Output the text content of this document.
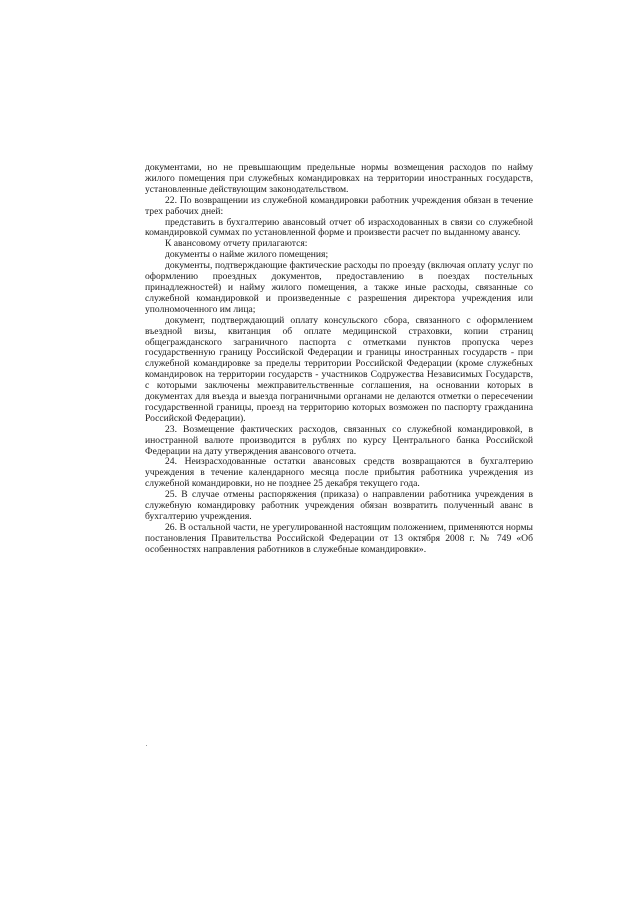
документами, но не превышающим предельные нормы возмещения расходов по найму жилого помещения при служебных командировках на территории иностранных государств, установленные действующим законодательством.

22. По возвращении из служебной командировки работник учреждения обязан в течение трех рабочих дней:

представить в бухгалтерию авансовый отчет об израсходованных в связи со служебной командировкой суммах по установленной форме и произвести расчет по выданному авансу.

К авансовому отчету прилагаются:

документы о найме жилого помещения;

документы, подтверждающие фактические расходы по проезду (включая оплату услуг по оформлению проездных документов, предоставлению в поездах постельных принадлежностей) и найму жилого помещения, а также иные расходы, связанные со служебной командировкой и произведенные с разрешения директора учреждения или уполномоченного им лица;

документ, подтверждающий оплату консульского сбора, связанного с оформлением въездной визы, квитанция об оплате медицинской страховки, копии страниц общегражданского заграничного паспорта с отметками пунктов пропуска через государственную границу Российской Федерации и границы иностранных государств - при служебной командировке за пределы территории Российской Федерации (кроме служебных командировок на территории государств - участников Содружества Независимых Государств, с которыми заключены межправительственные соглашения, на основании которых в документах для въезда и выезда пограничными органами не делаются отметки о пересечении государственной границы, проезд на территорию которых возможен по паспорту гражданина Российской Федерации).

23. Возмещение фактических расходов, связанных со служебной командировкой, в иностранной валюте производится в рублях по курсу Центрального банка Российской Федерации на дату утверждения авансового отчета.

24. Неизрасходованные остатки авансовых средств возвращаются в бухгалтерию учреждения в течение календарного месяца после прибытия работника учреждения из служебной командировки, но не позднее 25 декабря текущего года.

25. В случае отмены распоряжения (приказа) о направлении работника учреждения в служебную командировку работник учреждения обязан возвратить полученный аванс в бухгалтерию учреждения.

26. В остальной части, не урегулированной настоящим положением, применяются нормы постановления Правительства Российской Федерации от 13 октября 2008 г. № 749 «Об особенностях направления работников в служебные командировки».
